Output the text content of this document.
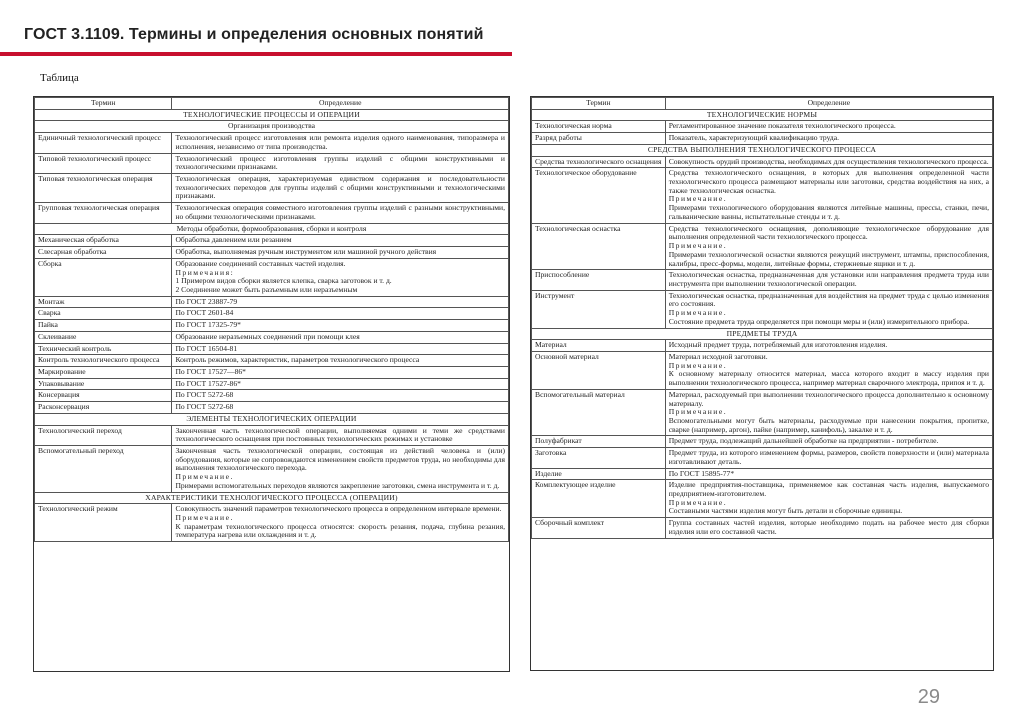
ГОСТ 3.1109. Термины и определения основных понятий
Таблица
Термин	Определение
ТЕХНОЛОГИЧЕСКИЕ ПРОЦЕССЫ И ОПЕРАЦИИ	
Организация производства	
Единичный технологический процесс	Технологический процесс изготовления или ремонта изделия одного наименования, типоразмера и исполнения, независимо от типа производства.

Типовой технологический процесс	Технологический процесс изготовления группы изделий с общими конструктивными и технологическими признаками.

Типовая технологическая операция	Технологическая операция, характеризуемая единством содержания и последовательности технологических переходов для группы изделий с общими конструктивными и технологическими признаками.

Групповая технологическая операция	Технологическая операция совместного изготовления группы изделий с разными конструктивными, но общими технологическими признаками.

Методы обработки, формообразования, сборки и контроля	
Механическая обработка	Обработка давлением или резанием

Слесарная обработка	Обработка, выполняемая ручным инструментом или машиной ручного действия

Сборка	Образование соединений составных частей изделия.
Примечания:
1 Примером видов сборки является клепка, сварка заготовок и т. д.
2 Соединение может быть разъемным или неразъемным

Монтаж	По ГОСТ 23887-79

Сварка	По ГОСТ 2601-84

Пайка	По ГОСТ 17325-79*

Склеивание	Образование неразъемных соединений при помощи клея

Технический контроль	По ГОСТ 16504-81

Контроль технологического процесса	Контроль режимов, характеристик, параметров технологического процесса

Маркирование	По ГОСТ 17527—86*

Упаковывание	По ГОСТ 17527-86*

Консервация	По ГОСТ 5272-68

Расконсервация	По ГОСТ 5272-68

ЭЛЕМЕНТЫ ТЕХНОЛОГИЧЕСКИХ ОПЕРАЦИИ	
Технологический переход	Законченная часть технологической операции, выполняемая одними и теми же средствами технологического оснащения при постоянных технологических режимах и установке

Вспомогательный переход	Законченная часть технологической операции, состоящая из действий человека и (или) оборудования, которые не сопровождаются изменением свойств предметов труда, но необходимы для выполнения технологического перехода.
Примечание.
Примерами вспомогательных переходов являются закрепление заготовки, смена инструмента и т. д.

ХАРАКТЕРИСТИКИ ТЕХНОЛОГИЧЕСКОГО ПРОЦЕССА (ОПЕРАЦИИ)	
Технологический режим	Совокупность значений параметров технологического процесса в определенном интервале времени.
Примечание.
К параметрам технологического процесса относятся: скорость резания, подача, глубина резания, температура нагрева или охлаждения и т. д.
Термин	Определение
ТЕХНОЛОГИЧЕСКИЕ НОРМЫ	
Технологическая норма	Регламентированное значение показателя технологического процесса.

Разряд работы	Показатель, характеризующий квалификацию труда.

СРЕДСТВА ВЫПОЛНЕНИЯ ТЕХНОЛОГИЧЕСКОГО ПРОЦЕССА	
Средства технологического оснащения	Совокупность орудий производства, необходимых для осуществления технологического процесса.

Технологическое оборудование	Средства технологического оснащения, в которых для выполнения определенной части технологического процесса размещают материалы или заготовки, средства воздействия на них, а также технологическая оснастка.
Примечание.
Примерами технологического оборудования являются литейные машины, прессы, станки, печи, гальванические ванны, испытательные стенды и т. д.

Технологическая оснастка	Средства технологического оснащения, дополняющие технологическое оборудование для выполнения определенной части технологического процесса.
Примечание.
Примерами технологической оснастки являются режущий инструмент, штампы, приспособления, калибры, пресс-формы, модели, литейные формы, стержневые ящики и т. д.

Приспособление	Технологическая оснастка, предназначенная для установки или направления предмета труда или инструмента при выполнении технологической операции.

Инструмент	Технологическая оснастка, предназначенная для воздействия на предмет труда с целью изменения его состояния.
Примечание.
Состояние предмета труда определяется при помощи меры и (или) измерительного прибора.

ПРЕДМЕТЫ ТРУДА	
Материал	Исходный предмет труда, потребляемый для изготовления изделия.

Основной материал	Материал исходной заготовки.
Примечание.
К основному материалу относится материал, масса которого входит в массу изделия при выполнении технологического процесса, например материал сварочного электрода, припоя и т. д.

Вспомогательный материал	Материал, расходуемый при выполнении технологического процесса дополнительно к основному материалу.
Примечание.
Вспомогательными могут быть материалы, расходуемые при нанесении покрытия, пропитке, сварке (например, аргон), пайке (например, канифоль), закалке и т. д.

Полуфабрикат	Предмет труда, подлежащий дальнейшей обработке на предприятии - потребителе.

Заготовка	Предмет труда, из которого изменением формы, размеров, свойств поверхности и (или) материала изготавливают деталь.

Изделие	По ГОСТ 15895-77*

Комплектующее изделие	Изделие предприятия-поставщика, применяемое как составная часть изделия, выпускаемого предприятием-изготовителем.
Примечание.
Составными частями изделия могут быть детали и сборочные единицы.

Сборочный комплект	Группа составных частей изделия, которые необходимо подать на рабочее место для сборки изделия или его составной части.
29
